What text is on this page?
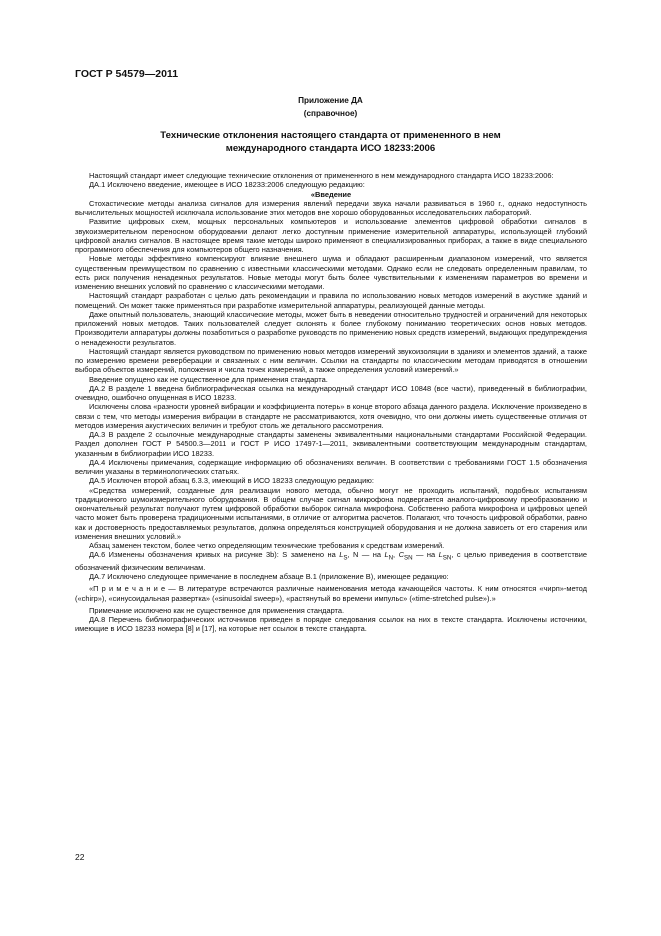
ГОСТ Р 54579—2011
Приложение ДА
(справочное)
Технические отклонения настоящего стандарта от примененного в нем
международного стандарта ИСО 18233:2006

Настоящий стандарт имеет следующие технические отклонения от примененного в нем международного стандарта ИСО 18233:2006:

ДА.1 Исключено введение, имеющее в ИСО 18233:2006 следующую редакцию:

«Введение

Стохастические методы анализа сигналов для измерения явлений передачи звука начали развиваться в 1960 г., однако недоступность вычислительных мощностей исключала использование этих методов вне хорошо оборудованных исследовательских лабораторий.

Развитие цифровых схем, мощных персональных компьютеров и использование элементов цифровой обработки сигналов в звукоизмерительном переносном оборудовании делают легко доступным применение измерительной аппаратуры, использующей глубокий цифровой анализ сигналов. В настоящее время такие методы широко применяют в специализированных приборах, а также в виде специального программного обеспечения для компьютеров общего назначения.

Новые методы эффективно компенсируют влияние внешнего шума и обладают расширенным диапазоном измерений, что является существенным преимуществом по сравнению с известными классическими методами. Однако если не следовать определенным правилам, то есть риск получения ненадежных результатов. Новые методы могут быть более чувствительными к изменениям параметров во времени и изменению внешних условий по сравнению с классическими методами.

Настоящий стандарт разработан с целью дать рекомендации и правила по использованию новых методов измерений в акустике зданий и помещений. Он может также применяться при разработке измерительной аппаратуры, реализующей данные методы.

Даже опытный пользователь, знающий классические методы, может быть в неведении относительно трудностей и ограничений для некоторых приложений новых методов. Таких пользователей следует склонять к более глубокому пониманию теоретических основ новых методов. Производители аппаратуры должны позаботиться о разработке руководств по применению новых средств измерений, выдающих предупреждения о ненадежности результатов.

Настоящий стандарт является руководством по применению новых методов измерений звукоизоляции в зданиях и элементов зданий, а также по измерению времени реверберации и связанных с ним величин. Ссылки на стандарты по классическим методам приводятся в отношении выбора объектов измерений, положения и числа точек измерений, а также определения условий измерений.»

Введение опущено как не существенное для применения стандарта.

ДА.2 В разделе 1 введена библиографическая ссылка на международный стандарт ИСО 10848 (все части), приведенный в библиографии, очевидно, ошибочно опущенная в ИСО 18233.

Исключены слова «разности уровней вибрации и коэффициента потерь» в конце второго абзаца данного раздела. Исключение произведено в связи с тем, что методы измерения вибрации в стандарте не рассматриваются, хотя очевидно, что они должны иметь существенные отличия от методов измерения акустических величин и требуют столь же детального рассмотрения.

ДА.3 В разделе 2 ссылочные международные стандарты заменены эквивалентными национальными стандартами Российской Федерации. Раздел дополнен ГОСТ Р 54500.3—2011 и ГОСТ Р ИСО 17497-1—2011, эквивалентными соответствующим международным стандартам, указанным в библиографии ИСО 18233.

ДА.4 Исключены примечания, содержащие информацию об обозначениях величин. В соответствии с требованиями ГОСТ 1.5 обозначения величин указаны в терминологических статьях.

ДА.5 Исключен второй абзац 6.3.3, имеющий в ИСО 18233 следующую редакцию:

«Средства измерений, созданные для реализации нового метода, обычно могут не проходить испытаний, подобных испытаниям традиционного шумоизмерительного оборудования. В общем случае сигнал микрофона подвергается аналого-цифровому преобразованию и окончательный результат получают путем цифровой обработки выборок сигнала микрофона. Собственно работа микрофона и цифровых цепей часто может быть проверена традиционными испытаниями, в отличие от алгоритма расчетов. Полагают, что точность цифровой обработки, равно как и достоверность предоставляемых результатов, должна определяться конструкцией оборудования и не должна зависеть от его старения или изменения внешних условий.»

Абзац заменен текстом, более четко определяющим технические требования к средствам измерений.

ДА.6 Изменены обозначения кривых на рисунке 3b): S заменено на $L_S$, N — на $L_N$, $C_{SN}$ — на $L_{SN}$, с целью приведения в соответствие обозначений физическим величинам.

ДА.7 Исключено следующее примечание в последнем абзаце В.1 (приложение В), имеющее редакцию:

«П р и м е ч а н и е — В литературе встречаются различные наименования метода качающейся частоты. К ним относятся «чирп»-метод («chirp»), «синусоидальная развертка» («sinusoidal sweep»), «растянутый во времени импульс» («time-stretched pulse»).»

Примечание исключено как не существенное для применения стандарта.

ДА.8 Перечень библиографических источников приведен в порядке следования ссылок на них в тексте стандарта. Исключены источники, имеющие в ИСО 18233 номера [8] и [17], на которые нет ссылок в тексте стандарта.

22
